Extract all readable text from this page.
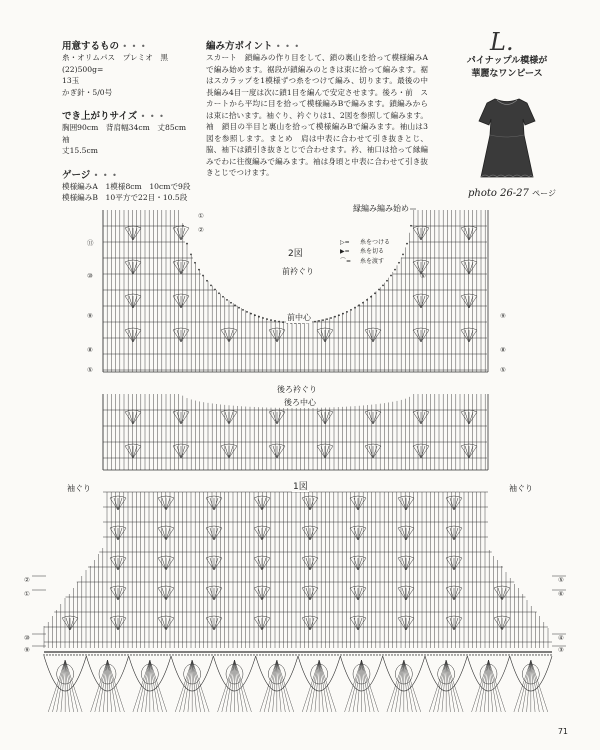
用意するもの • • •
糸・オリムパス　プレミオ　黒(22)500g=
13玉
かぎ針・5/0号
でき上がりサイズ • • •
胸囲90cm　背肩幅34cm　丈85cm　袖
丈15.5cm
ゲージ • • •
模様編みA　1模様8cm　10cmで9段
模様編みB　10平方で22目・10.5段
編み方ポイント • • •
スカート　鎖編みの作り目をして、鎖の裏山を拾って模様編みAで編み始めます。裾段が鎖編みのときは束に拾って編みます。裾はスカラップを1模様ずつ糸をつけて編み、切ります。最後の中長編み4目一度は次に鎖1目を編んで安定させます。後ろ・前　スカートから平均に目を拾って模様編みBで編みます。鎖編みからは束に拾います。袖ぐり、衿ぐりは1、2図を参照して編みます。袖　鎖目の半目と裏山を拾って模様編みBで編みます。袖山は3図を参照します。まとめ　肩は中表に合わせて引き抜きとじ、脇、袖下は鎖引き抜きとじで合わせます。衿、袖口は拾って縁編みでわに往復編みで編みます。袖は身頃と中表に合わせて引き抜きとじでつけます。
L.
パイナップル模様が
華麗なワンピース
photo 26-27 ページ
縁編み編み始め
2図
前衿ぐり
前中心
後ろ衿ぐり
後ろ中心
1図
袖ぐり	袖ぐり
▷= 糸をつける
▶= 糸を切る
⌒= 糸を渡す
⑪
⑩
⑨
⑧
⑤
①
②
⑤
⑨
⑧
⑤
②
①
⑤
⑥
⑩
⑨
④
③
71
